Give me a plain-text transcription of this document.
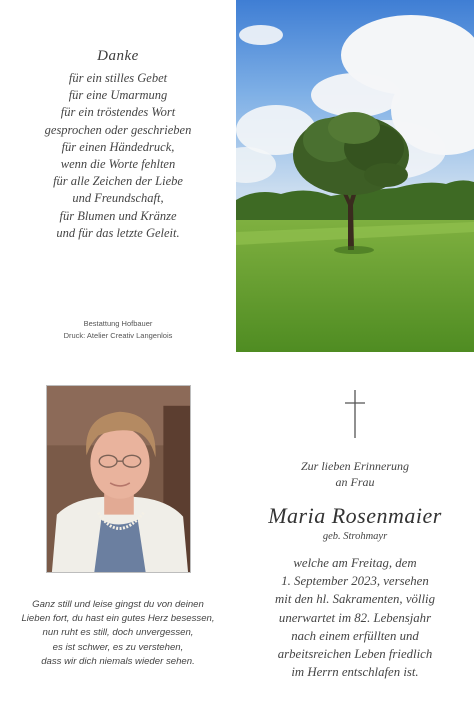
Danke
für ein stilles Gebet
für eine Umarmung
für ein tröstendes Wort
gesprochen oder geschrieben
für einen Händedruck,
wenn die Worte fehlten
für alle Zeichen der Liebe
und Freundschaft,
für Blumen und Kränze
und für das letzte Geleit.
Bestattung Hofbauer
Druck: Atelier Creativ Langenlois
Ganz still und leise gingst du von deinen
Lieben fort, du hast ein gutes Herz besessen,
nun ruht es still, doch unvergessen,
es ist schwer, es zu verstehen,
dass wir dich niemals wieder sehen.
Zur lieben Erinnerung
an Frau
Maria Rosenmaier
geb. Strohmayr
welche am Freitag, dem
1. September 2023, versehen
mit den hl. Sakramenten, völlig
unerwartet im 82. Lebensjahr
nach einem erfüllten und
arbeitsreichen Leben friedlich
im Herrn entschlafen ist.
